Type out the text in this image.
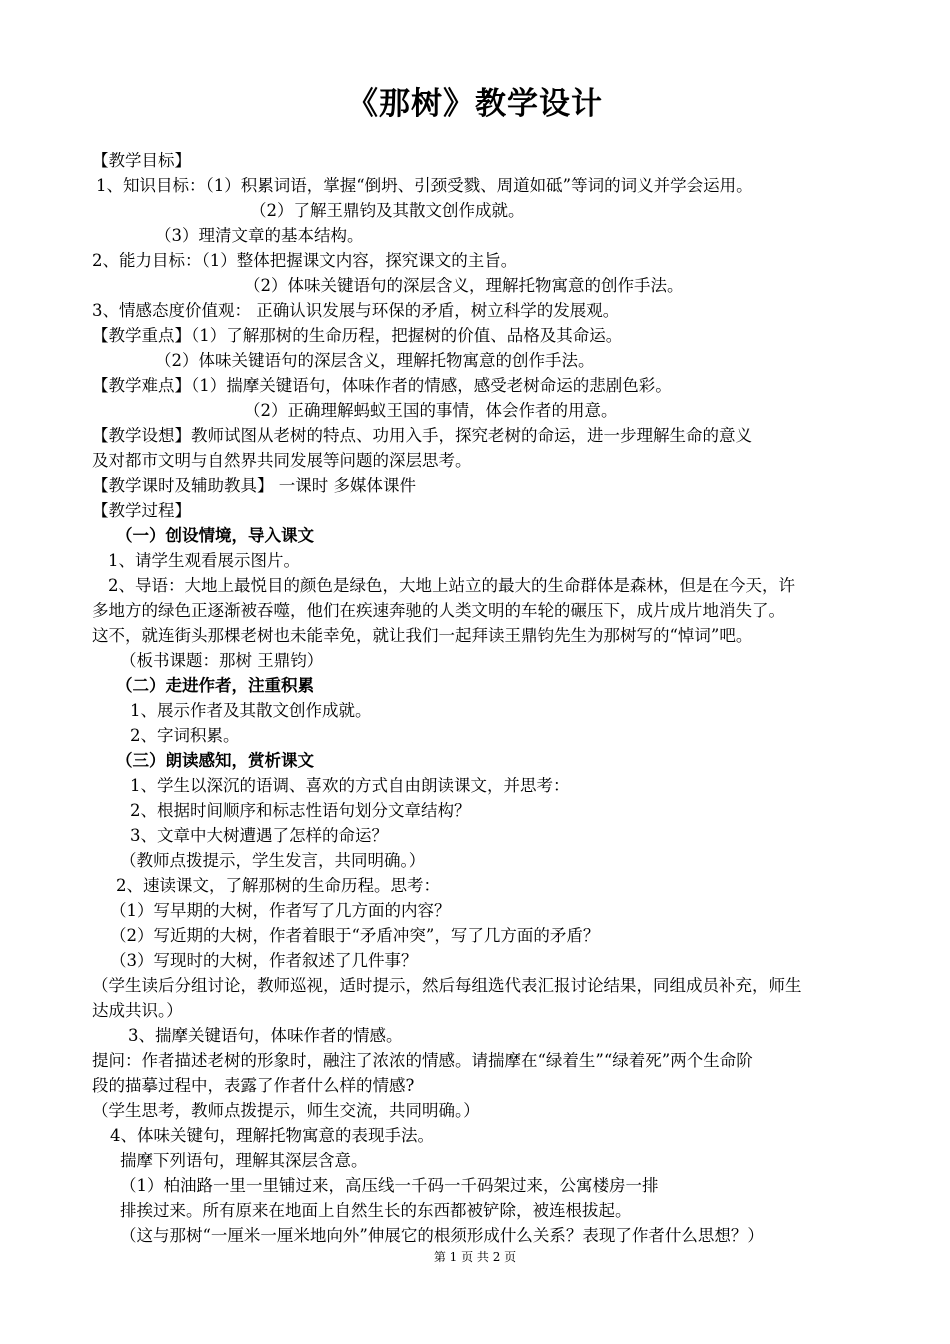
《那树》教学设计
【教学目标】
1、知识目标：（1）积累词语，掌握“倒坍、引颈受戮、周道如砥”等词的词义并学会运用。
（2）了解王鼎钧及其散文创作成就。
（3）理清文章的基本结构。
2、能力目标：（1）整体把握课文内容，探究课文的主旨。
（2）体味关键语句的深层含义，理解托物寓意的创作手法。
3、情感态度价值观： 正确认识发展与环保的矛盾，树立科学的发展观。
【教学重点】（1）了解那树的生命历程，把握树的价值、品格及其命运。
（2）体味关键语句的深层含义，理解托物寓意的创作手法。
【教学难点】（1）揣摩关键语句，体味作者的情感，感受老树命运的悲剧色彩。
（2）正确理解蚂蚁王国的事情，体会作者的用意。
【教学设想】教师试图从老树的特点、功用入手，探究老树的命运，进一步理解生命的意义
及对都市文明与自然界共同发展等问题的深层思考。
【教学课时及辅助教具】 一课时 多媒体课件
【教学过程】
（一）创设情境，导入课文
1、请学生观看展示图片。
2、导语：大地上最悦目的颜色是绿色，大地上站立的最大的生命群体是森林，但是在今天，许
多地方的绿色正逐渐被吞噬，他们在疾速奔驰的人类文明的车轮的碾压下，成片成片地消失了。
这不，就连街头那棵老树也未能幸免，就让我们一起拜读王鼎钧先生为那树写的“悼词”吧。
（板书课题：那树 王鼎钧）
（二）走进作者，注重积累
1、展示作者及其散文创作成就。
2、字词积累。
（三）朗读感知，赏析课文
1、学生以深沉的语调、喜欢的方式自由朗读课文，并思考：
2、根据时间顺序和标志性语句划分文章结构？
3、文章中大树遭遇了怎样的命运？
（教师点拨提示，学生发言，共同明确。）
2、速读课文，了解那树的生命历程。思考：
（1）写早期的大树，作者写了几方面的内容？
（2）写近期的大树，作者着眼于“矛盾冲突”，写了几方面的矛盾？
（3）写现时的大树，作者叙述了几件事？
（学生读后分组讨论，教师巡视，适时提示，然后每组选代表汇报讨论结果，同组成员补充，师生
达成共识。）
3、揣摩关键语句，体味作者的情感。
提问：作者描述老树的形象时，融注了浓浓的情感。请揣摩在“绿着生”“绿着死”两个生命阶
段的描摹过程中，表露了作者什么样的情感?
（学生思考，教师点拨提示，师生交流，共同明确。）
4、体味关键句，理解托物寓意的表现手法。
揣摩下列语句，理解其深层含意。
（1）柏油路一里一里铺过来，高压线一千码一千码架过来，公寓楼房一排
排挨过来。所有原来在地面上自然生长的东西都被铲除，被连根拔起。
（这与那树“一厘米一厘米地向外”伸展它的根须形成什么关系？表现了作者什么思想？）
第 1 页 共 2 页
